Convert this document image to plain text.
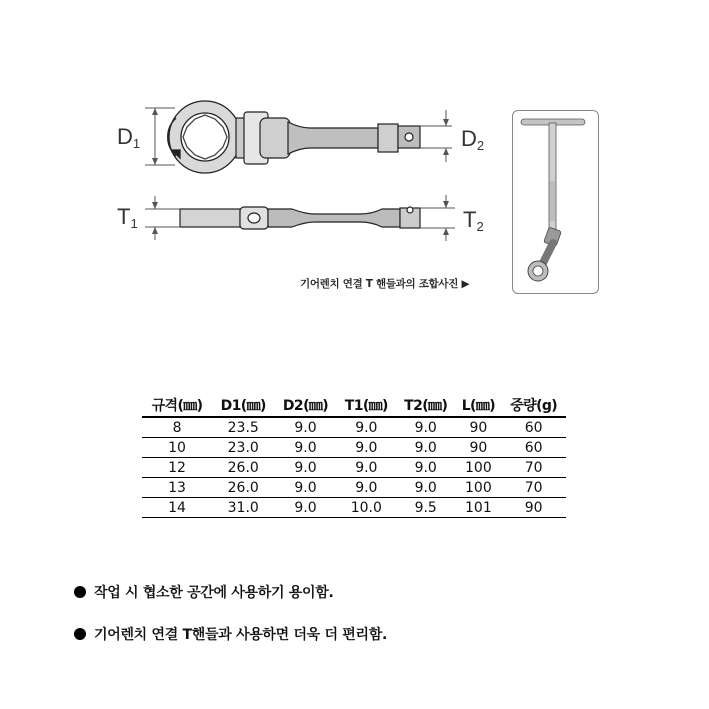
$D_1$	$D_2$
$T_1$	$T_2$
기어렌치 연결 T 핸들과의 조합사진 ▶
규격(㎜)	D1(㎜)	D2(㎜)	T1(㎜)	T2(㎜)	L(㎜)	중량(g)
8	23.5	9.0	9.0	9.0	90	60
10	23.0	9.0	9.0	9.0	90	60
12	26.0	9.0	9.0	9.0	100	70
13	26.0	9.0	9.0	9.0	100	70
14	31.0	9.0	10.0	9.5	101	90
작업 시 협소한 공간에 사용하기 용이함.
기어렌치 연결 T핸들과 사용하면 더욱 더 편리함.
